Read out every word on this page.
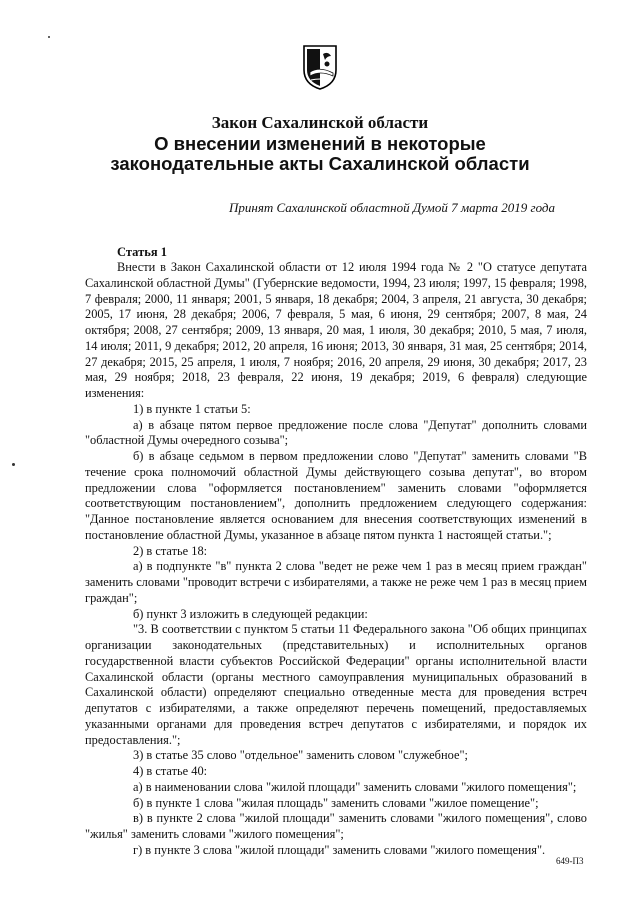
Закон Сахалинской области
О внесении изменений в некоторые
законодательные акты Сахалинской области
Принят Сахалинской областной Думой 7 марта 2019 года
Статья 1

Внести в Закон Сахалинской области от 12 июля 1994 года № 2 "О статусе депутата Сахалинской областной Думы" (Губернские ведомости, 1994, 23 июля; 1997, 15 февраля; 1998, 7 февраля; 2000, 11 января; 2001, 5 января, 18 декабря; 2004, 3 апреля, 21 августа, 30 декабря; 2005, 17 июня, 28 декабря; 2006, 7 февраля, 5 мая, 6 июня, 29 сентября; 2007, 8 мая, 24 октября; 2008, 27 сентября; 2009, 13 января, 20 мая, 1 июля, 30 декабря; 2010, 5 мая, 7 июля, 14 июля; 2011, 9 декабря; 2012, 20 апреля, 16 июня; 2013, 30 января, 31 мая, 25 сентября; 2014, 27 декабря; 2015, 25 апреля, 1 июля, 7 ноября; 2016, 20 апреля, 29 июня, 30 декабря; 2017, 23 мая, 29 ноября; 2018, 23 февраля, 22 июня, 19 декабря; 2019, 6 февраля) следующие изменения:

1) в пункте 1 статьи 5:

а) в абзаце пятом первое предложение после слова "Депутат" дополнить словами "областной Думы очередного созыва";

б) в абзаце седьмом в первом предложении слово "Депутат" заменить словами "В течение срока полномочий областной Думы действующего созыва депутат", во втором предложении слова "оформляется постановлением" заменить словами "оформляется соответствующим постановлением", дополнить предложением следующего содержания: "Данное постановление является основанием для внесения соответствующих изменений в постановление областной Думы, указанное в абзаце пятом пункта 1 настоящей статьи.";

2) в статье 18:

а) в подпункте "в" пункта 2 слова "ведет не реже чем 1 раз в месяц прием граждан" заменить словами "проводит встречи с избирателями, а также не реже чем 1 раз в месяц прием граждан";

б) пункт 3 изложить в следующей редакции:

"3. В соответствии с пунктом 5 статьи 11 Федерального закона "Об общих принципах организации законодательных (представительных) и исполнительных органов государственной власти субъектов Российской Федерации" органы исполнительной власти Сахалинской области (органы местного самоуправления муниципальных образований в Сахалинской области) определяют специально отведенные места для проведения встреч депутатов с избирателями, а также определяют перечень помещений, предоставляемых указанными органами для проведения встреч депутатов с избирателями, и порядок их предоставления.";

3) в статье 35 слово "отдельное" заменить словом "служебное";

4) в статье 40:

а) в наименовании слова "жилой площади" заменить словами "жилого помещения";

б) в пункте 1 слова "жилая площадь" заменить словами "жилое помещение";

в) в пункте 2 слова "жилой площади" заменить словами "жилого помещения", слово "жилья" заменить словами "жилого помещения";

г) в пункте 3 слова "жилой площади" заменить словами "жилого помещения".

649-П3
